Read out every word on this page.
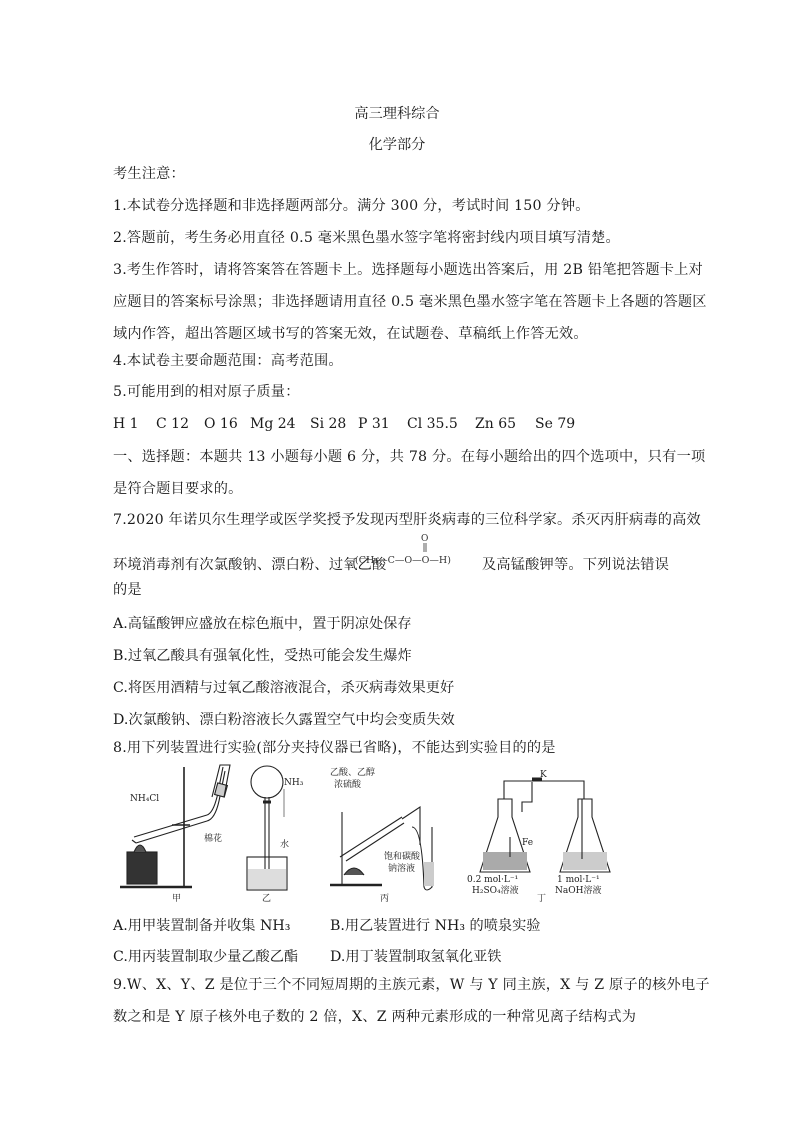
高三理科综合
化学部分
考生注意：
1.本试卷分选择题和非选择题两部分。满分 300 分，考试时间 150 分钟。
2.答题前，考生务必用直径 0.5 毫米黑色墨水签字笔将密封线内项目填写清楚。
3.考生作答时，请将答案答在答题卡上。选择题每小题选出答案后，用 2B 铅笔把答题卡上对
应题目的答案标号涂黑；非选择题请用直径 0.5 毫米黑色墨水签字笔在答题卡上各题的答题区
域内作答，超出答题区域书写的答案无效，在试题卷、草稿纸上作答无效。
4.本试卷主要命题范围：高考范围。
5.可能用到的相对原子质量：
H 1 C 12 O 16 Mg 24 Si 28 P 31 Cl 35.5 Zn 65 Se 79
一、选择题：本题共 13 小题每小题 6 分，共 78 分。在每小题给出的四个选项中，只有一项
是符合题目要求的。
7.2020 年诺贝尔生理学或医学奖授予发现丙型肝炎病毒的三位科学家。杀灭丙肝病毒的高效
环境消毒剂有次氯酸钠、漂白粉、过氧乙酸
O
(CH₃—C—O—O—H) 及高锰酸钾等。下列说法错误
的是
A.高锰酸钾应盛放在棕色瓶中，置于阴凉处保存
B.过氧乙酸具有强氧化性，受热可能会发生爆炸
C.将医用酒精与过氧乙酸溶液混合，杀灭病毒效果更好
D.次氯酸钠、漂白粉溶液长久露置空气中均会变质失效
8.用下列装置进行实验(部分夹持仪器已省略)，不能达到实验目的的是
NH₄Cl
棉花
甲
NH₃
水
乙
乙酸、乙醇
浓硫酸
饱和碳酸
钠溶液
丙
K
Fe
0.2 mol·L⁻¹
H₂SO₄溶液
1 mol·L⁻¹
NaOH溶液
丁
A.用甲装置制备并收集 NH₃	B.用乙装置进行 NH₃ 的喷泉实验
C.用丙装置制取少量乙酸乙酯 D.用丁装置制取氢氧化亚铁
9.W、X、Y、Z 是位于三个不同短周期的主族元素，W 与 Y 同主族，X 与 Z 原子的核外电子
数之和是 Y 原子核外电子数的 2 倍，X、Z 两种元素形成的一种常见离子结构式为
